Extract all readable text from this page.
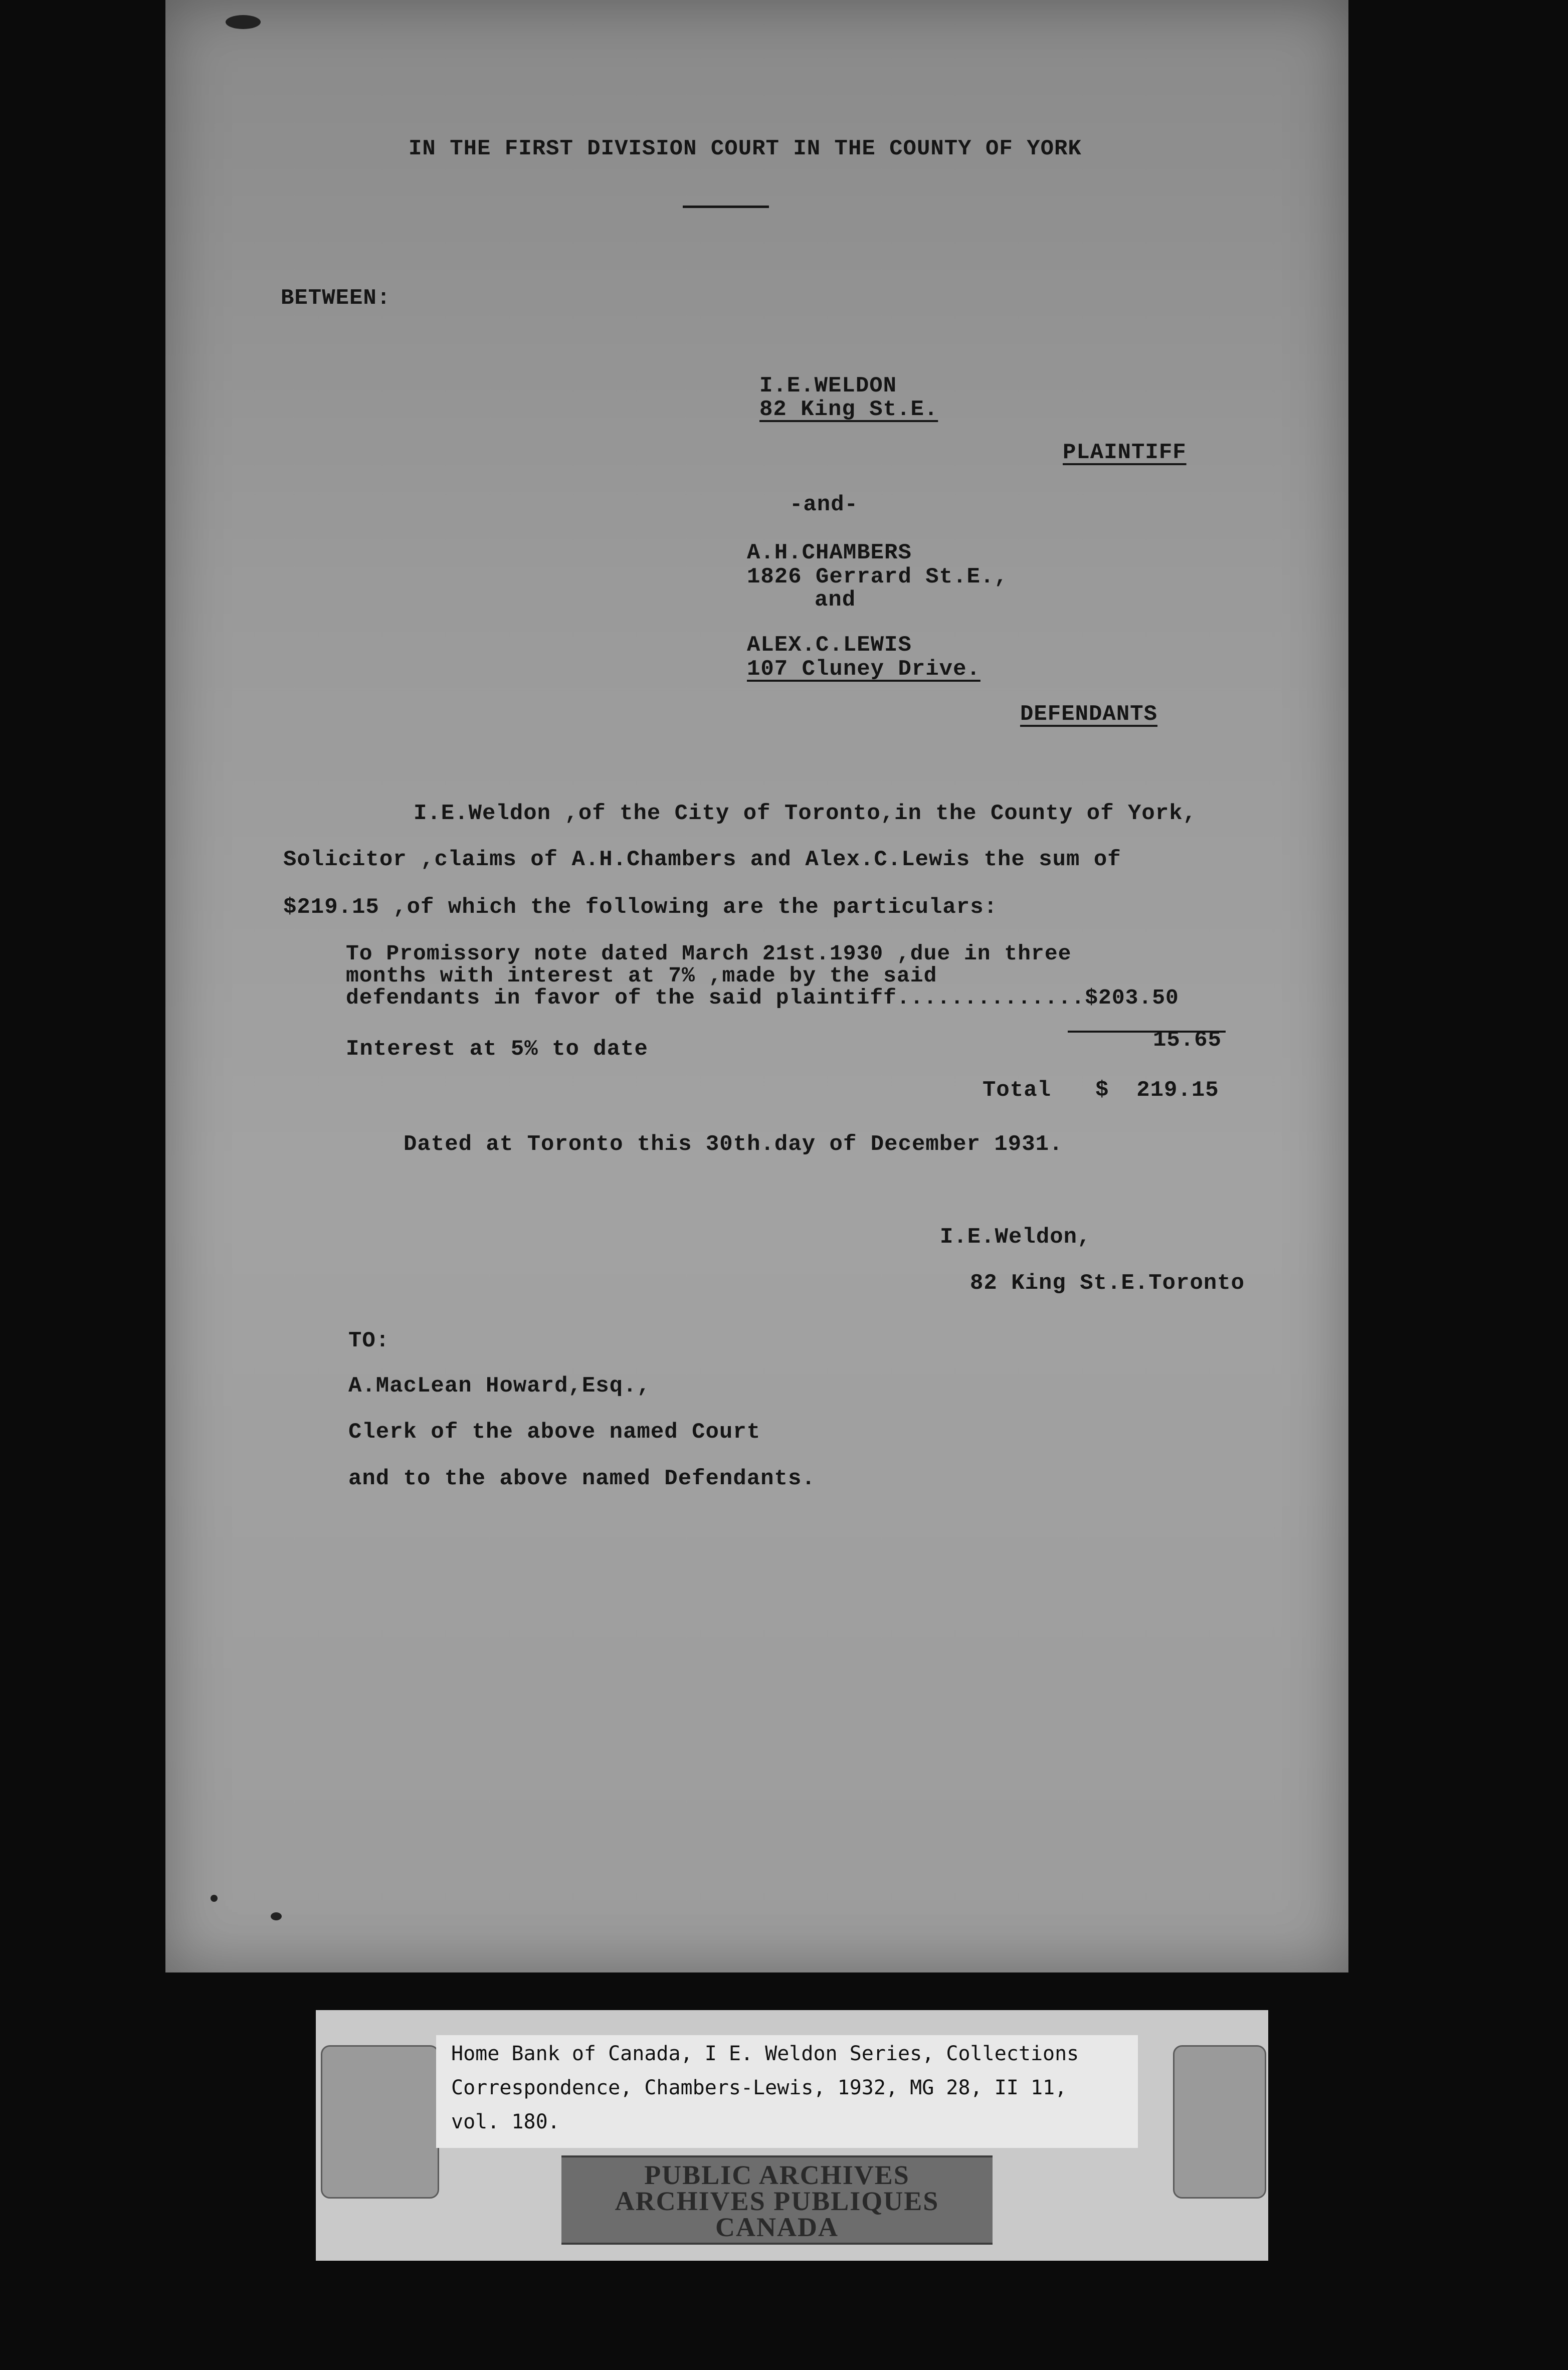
IN THE FIRST DIVISION COURT IN THE COUNTY OF YORK
BETWEEN:
I.E.WELDON
82 King St.E.
PLAINTIFF
-and-
A.H.CHAMBERS
1826 Gerrard St.E.,
and
ALEX.C.LEWIS
107 Cluney Drive.
DEFENDANTS
I.E.Weldon ,of the City of Toronto,in the County of York,
Solicitor ,claims of A.H.Chambers and Alex.C.Lewis the sum of
$219.15 ,of which the following are the particulars:
To Promissory note dated March 21st.1930 ,due in three
months with interest at 7% ,made by the said
defendants in favor of the said plaintiff..............$203.50
Interest at 5% to date	15.65
Total $  219.15
Dated at Toronto this 30th.day of December 1931.
I.E.Weldon,
82 King St.E.Toronto
TO:
A.MacLean Howard,Esq.,
Clerk of the above named Court
and to the above named Defendants.
Home Bank of Canada, I E. Weldon Series, Collections
Correspondence, Chambers-Lewis, 1932, MG 28, II 11,
vol. 180.
PUBLIC ARCHIVES
ARCHIVES PUBLIQUES
CANADA
